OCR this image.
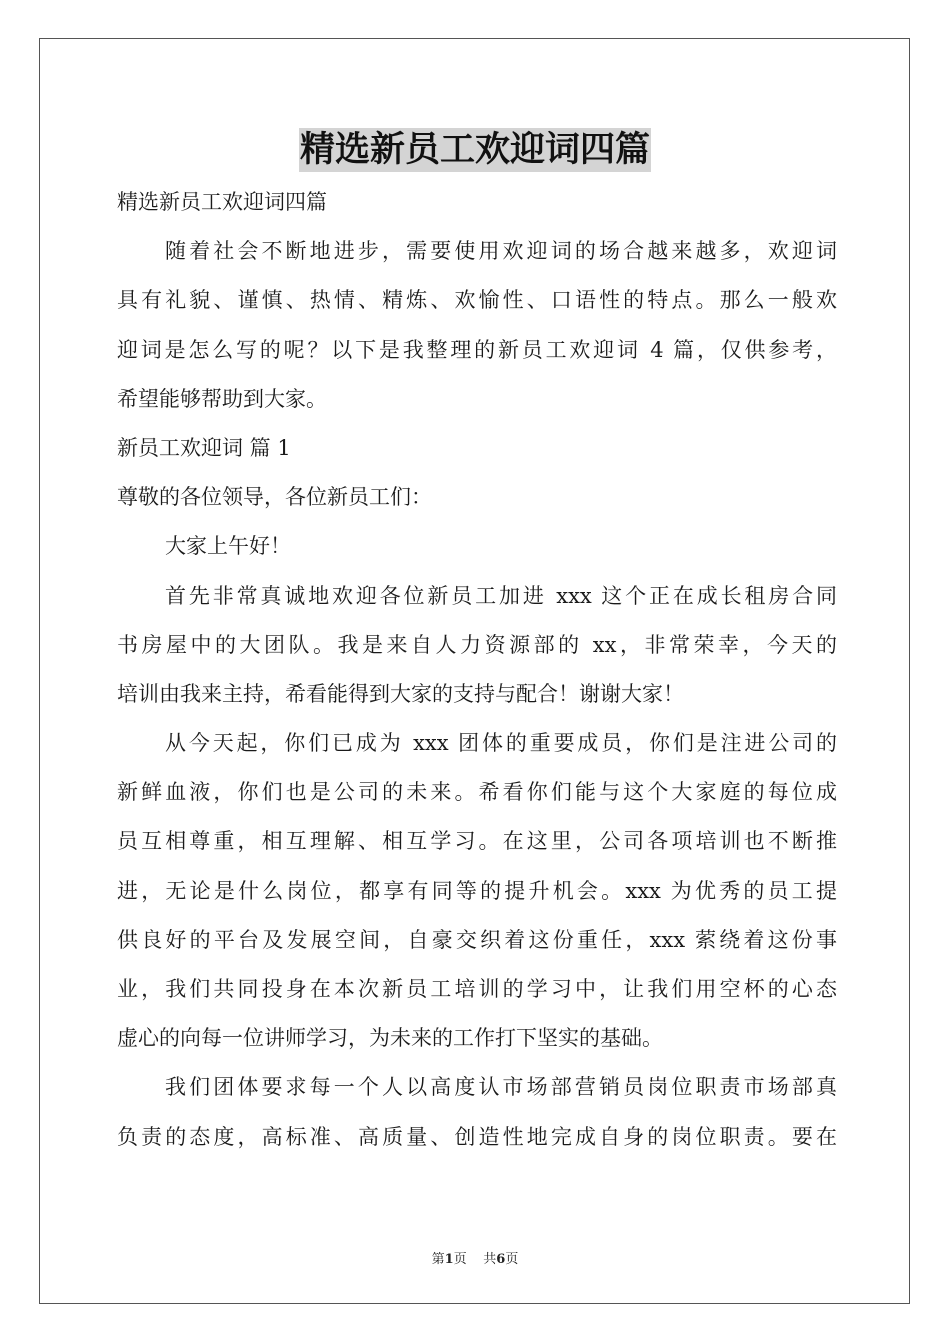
精选新员工欢迎词四篇
精选新员工欢迎词四篇
随着社会不断地进步，需要使用欢迎词的场合越来越多，欢迎词
具有礼貌、谨慎、热情、精炼、欢愉性、口语性的特点。那么一般欢
迎词是怎么写的呢？以下是我整理的新员工欢迎词 4 篇，仅供参考，
希望能够帮助到大家。
新员工欢迎词 篇 1
尊敬的各位领导，各位新员工们：
大家上午好！
首先非常真诚地欢迎各位新员工加进 xxx 这个正在成长租房合同
书房屋中的大团队。我是来自人力资源部的 xx，非常荣幸，今天的
培训由我来主持，希看能得到大家的支持与配合！谢谢大家！
从今天起，你们已成为 xxx 团体的重要成员，你们是注进公司的
新鲜血液，你们也是公司的未来。希看你们能与这个大家庭的每位成
员互相尊重，相互理解、相互学习。在这里，公司各项培训也不断推
进，无论是什么岗位，都享有同等的提升机会。xxx 为优秀的员工提
供良好的平台及发展空间，自豪交织着这份重任，xxx 萦绕着这份事
业，我们共同投身在本次新员工培训的学习中，让我们用空杯的心态
虚心的向每一位讲师学习，为未来的工作打下坚实的基础。
我们团体要求每一个人以高度认市场部营销员岗位职责市场部真
负责的态度，高标准、高质量、创造性地完成自身的岗位职责。要在
第1页 共6页
